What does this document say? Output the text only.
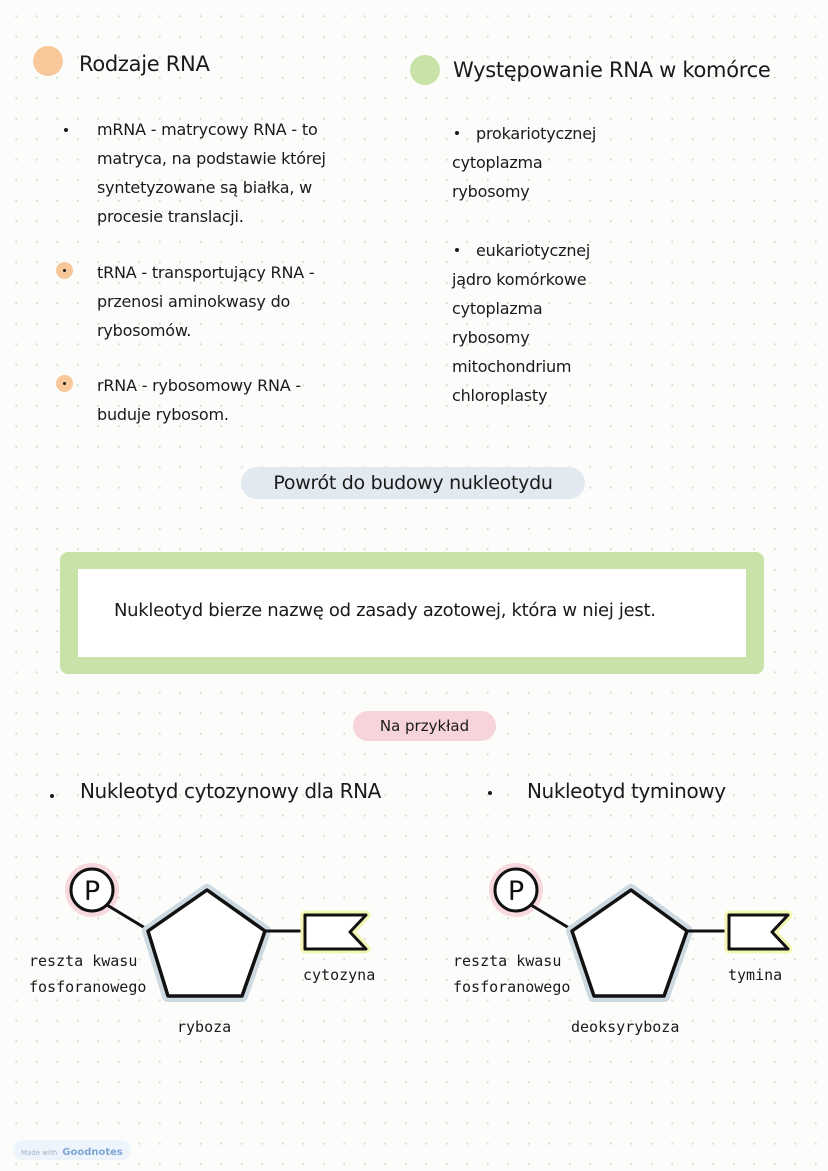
Rodzaje RNA
mRNA - matrycowy RNA - to
matryca, na podstawie której
syntetyzowane są białka, w
procesie translacji.
tRNA - transportujący RNA -
przenosi aminokwasy do
rybosomów.
rRNA - rybosomowy RNA -
buduje rybosom.
Występowanie RNA w komórce
prokariotycznej
cytoplazma
rybosomy
eukariotycznej
jądro komórkowe
cytoplazma
rybosomy
mitochondrium
chloroplasty
Powrót do budowy nukleotydu
Nukleotyd bierze nazwę od zasady azotowej, która w niej jest.
Na przykład
Nukleotyd cytozynowy dla RNA
P
reszta kwasu
fosforanowego
cytozyna
ryboza
Nukleotyd tyminowy
P
reszta kwasu
fosforanowego
tymina
deoksyryboza
Made with Goodnotes
